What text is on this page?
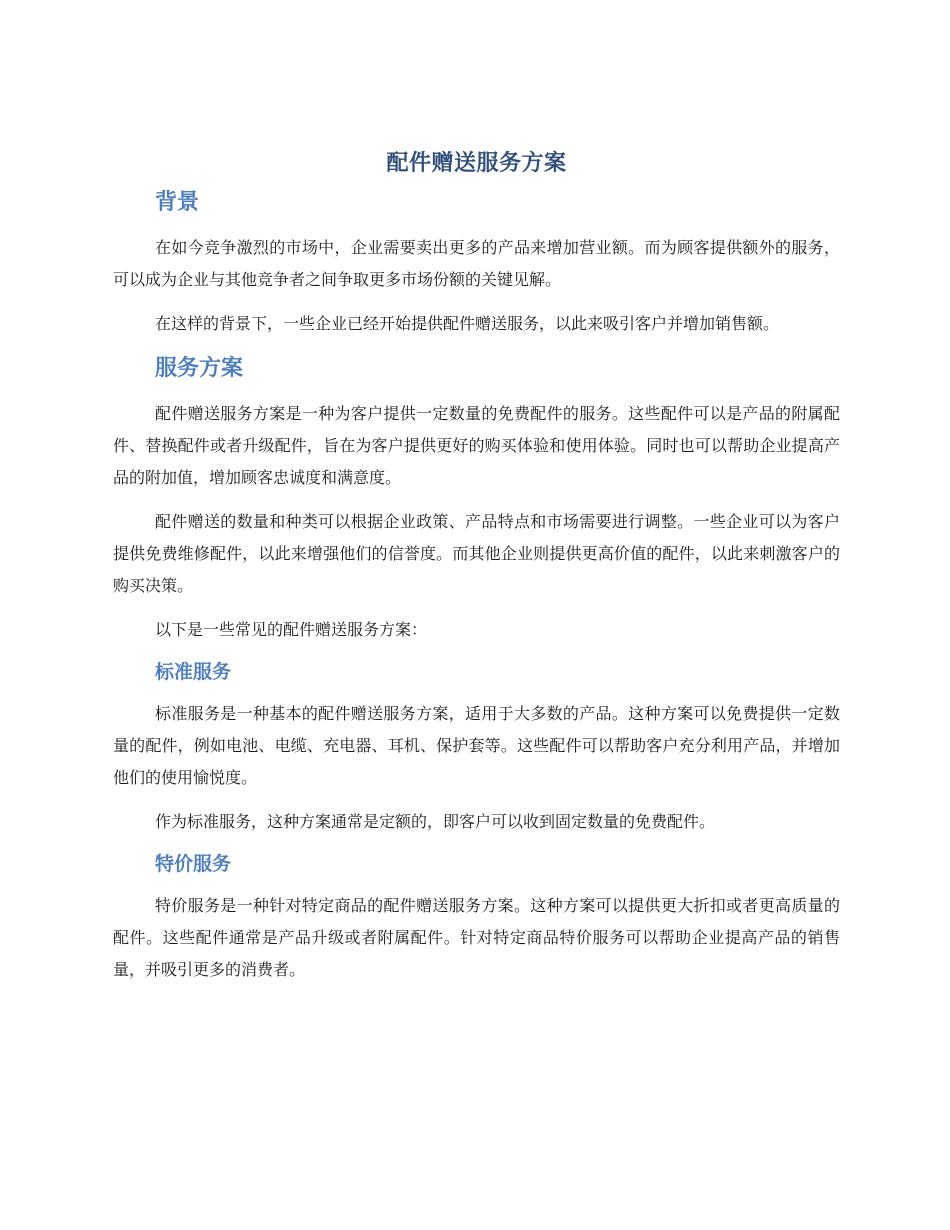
配件赠送服务方案
背景

在如今竞争激烈的市场中，企业需要卖出更多的产品来增加营业额。而为顾客提供额外的服务，可以成为企业与其他竞争者之间争取更多市场份额的关键见解。

在这样的背景下，一些企业已经开始提供配件赠送服务，以此来吸引客户并增加销售额。

服务方案

配件赠送服务方案是一种为客户提供一定数量的免费配件的服务。这些配件可以是产品的附属配件、替换配件或者升级配件，旨在为客户提供更好的购买体验和使用体验。同时也可以帮助企业提高产品的附加值，增加顾客忠诚度和满意度。

配件赠送的数量和种类可以根据企业政策、产品特点和市场需要进行调整。一些企业可以为客户提供免费维修配件，以此来增强他们的信誉度。而其他企业则提供更高价值的配件，以此来刺激客户的购买决策。

以下是一些常见的配件赠送服务方案：

标准服务

标准服务是一种基本的配件赠送服务方案，适用于大多数的产品。这种方案可以免费提供一定数量的配件，例如电池、电缆、充电器、耳机、保护套等。这些配件可以帮助客户充分利用产品，并增加他们的使用愉悦度。

作为标准服务，这种方案通常是定额的，即客户可以收到固定数量的免费配件。

特价服务

特价服务是一种针对特定商品的配件赠送服务方案。这种方案可以提供更大折扣或者更高质量的配件。这些配件通常是产品升级或者附属配件。针对特定商品特价服务可以帮助企业提高产品的销售量，并吸引更多的消费者。
